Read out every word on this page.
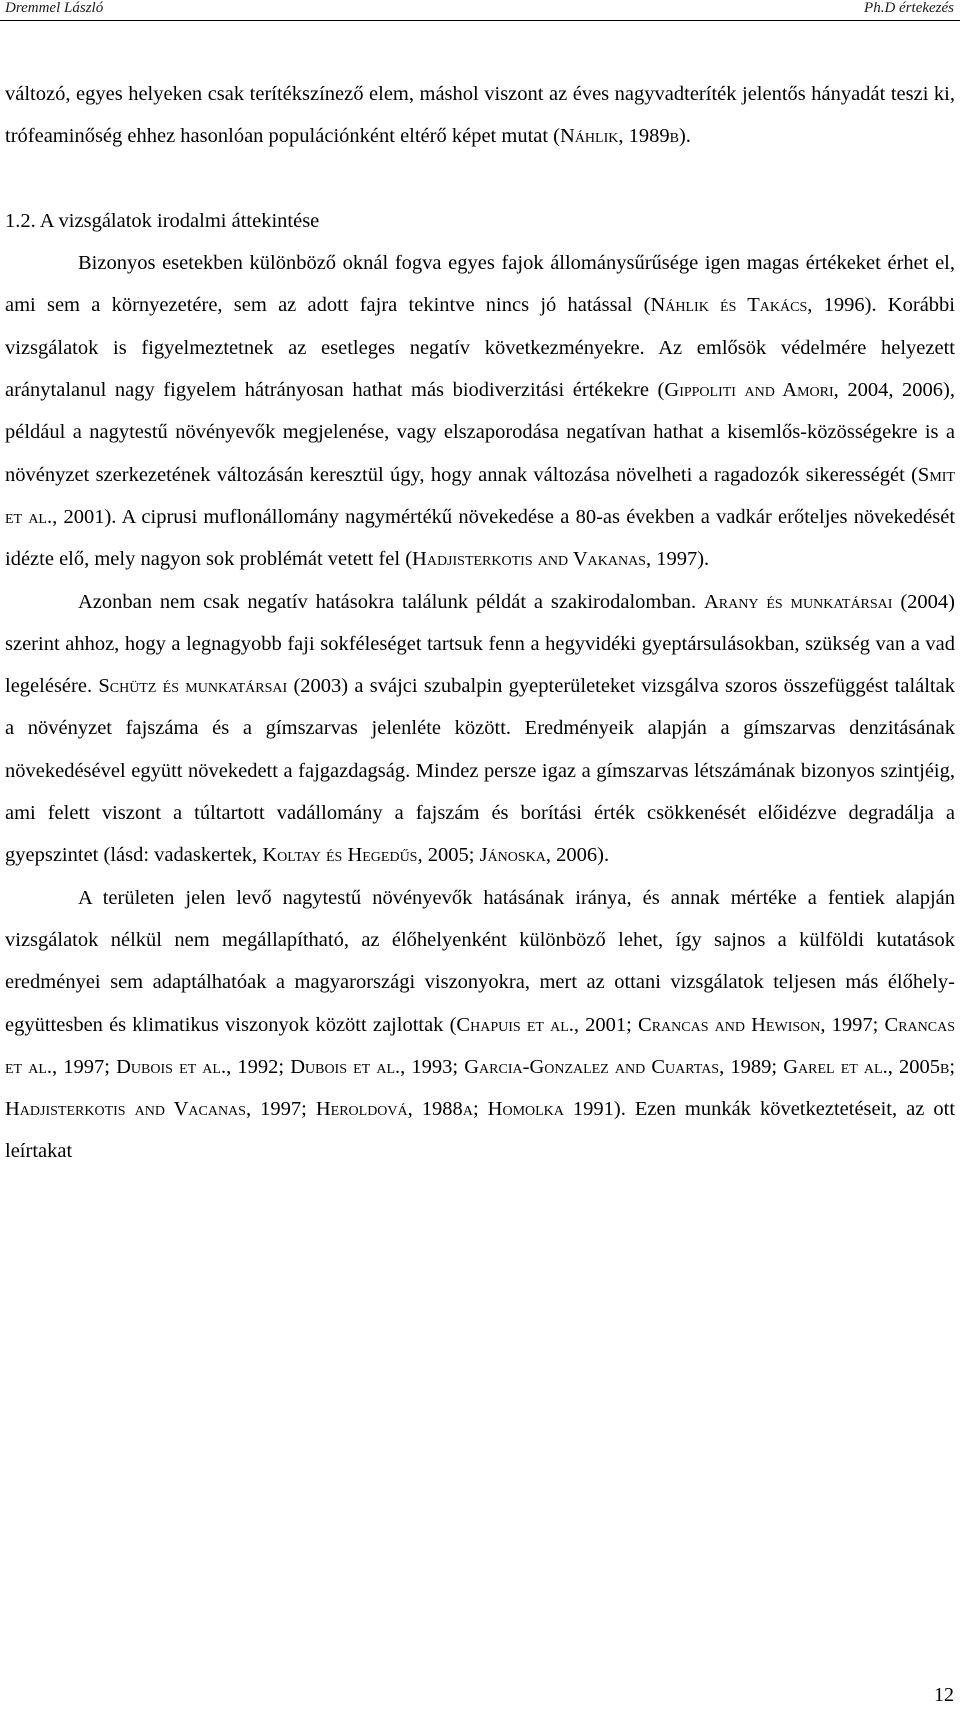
Dremmel László	Ph.D értekezés

változó, egyes helyeken csak terítékszínező elem, máshol viszont az éves nagyvadteríték jelentős hányadát teszi ki, trófeaminőség ehhez hasonlóan populációnként eltérő képet mutat (Náhlik, 1989b).

1.2. A vizsgálatok irodalmi áttekintése

Bizonyos esetekben különböző oknál fogva egyes fajok állománysűrűsége igen magas értékeket érhet el, ami sem a környezetére, sem az adott fajra tekintve nincs jó hatással (Náhlik és Takács, 1996). Korábbi vizsgálatok is figyelmeztetnek az esetleges negatív következményekre. Az emlősök védelmére helyezett aránytalanul nagy figyelem hátrányosan hathat más biodiverzitási értékekre (Gippoliti and Amori, 2004, 2006), például a nagytestű növényevők megjelenése, vagy elszaporodása negatívan hathat a kisemlős-közösségekre is a növényzet szerkezetének változásán keresztül úgy, hogy annak változása növelheti a ragadozók sikerességét (Smit et al., 2001). A ciprusi muflonállomány nagymértékű növekedése a 80-as években a vadkár erőteljes növekedését idézte elő, mely nagyon sok problémát vetett fel (Hadjisterkotis and Vakanas, 1997).

Azonban nem csak negatív hatásokra találunk példát a szakirodalomban. Arany és munkatársai (2004) szerint ahhoz, hogy a legnagyobb faji sokféleséget tartsuk fenn a hegyvidéki gyeptársulásokban, szükség van a vad legelésére. Schütz és munkatársai (2003) a svájci szubalpin gyepterületeket vizsgálva szoros összefüggést találtak a növényzet fajszáma és a gímszarvas jelenléte között. Eredményeik alapján a gímszarvas denzitásának növekedésével együtt növekedett a fajgazdagság. Mindez persze igaz a gímszarvas létszámának bizonyos szintjéig, ami felett viszont a túltartott vadállomány a fajszám és borítási érték csökkenését előidézve degradálja a gyepszintet (lásd: vadaskertek, Koltay és Hegedűs, 2005; Jánoska, 2006).

A területen jelen levő nagytestű növényevők hatásának iránya, és annak mértéke a fentiek alapján vizsgálatok nélkül nem megállapítható, az élőhelyenként különböző lehet, így sajnos a külföldi kutatások eredményei sem adaptálhatóak a magyarországi viszonyokra, mert az ottani vizsgálatok teljesen más élőhely-együttesben és klimatikus viszonyok között zajlottak (Chapuis et al., 2001; Crancas and Hewison, 1997; Crancas et al., 1997; Dubois et al., 1992; Dubois et al., 1993; Garcia-Gonzalez and Cuartas, 1989; Garel et al., 2005b; Hadjisterkotis and Vacanas, 1997; Heroldová, 1988a; Homolka 1991). Ezen munkák következtetéseit, az ott leírtakat

12
